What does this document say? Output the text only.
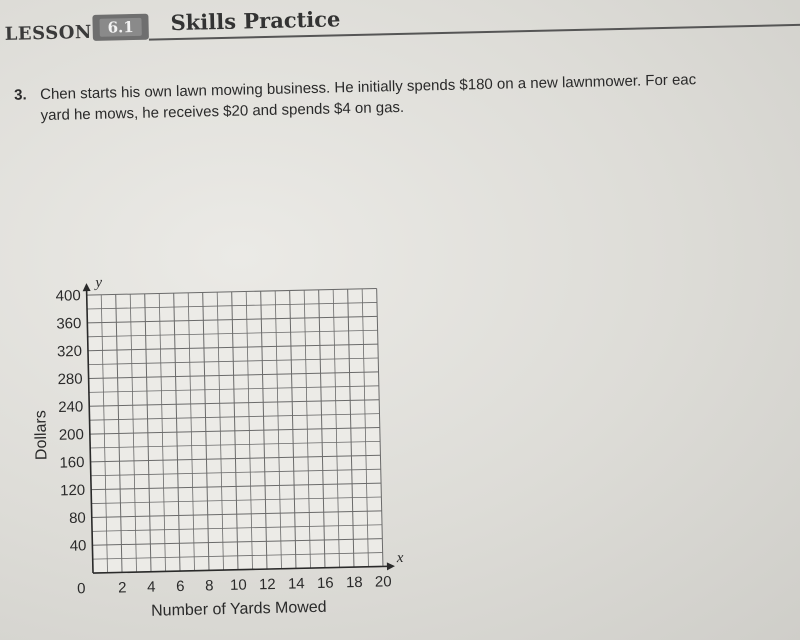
LESSON	6.1	Skills Practice
3. Chen starts his own lawn mowing business. He initially spends $180 on a new lawnmower. For eac
yard he mows, he receives $20 and spends $4 on gas.
40
80
120
160
200
240
280
320
360
400
2 4 6 8 10 12 14 16 18 20
0
y
x
Number of Yards Mowed
Dollars
